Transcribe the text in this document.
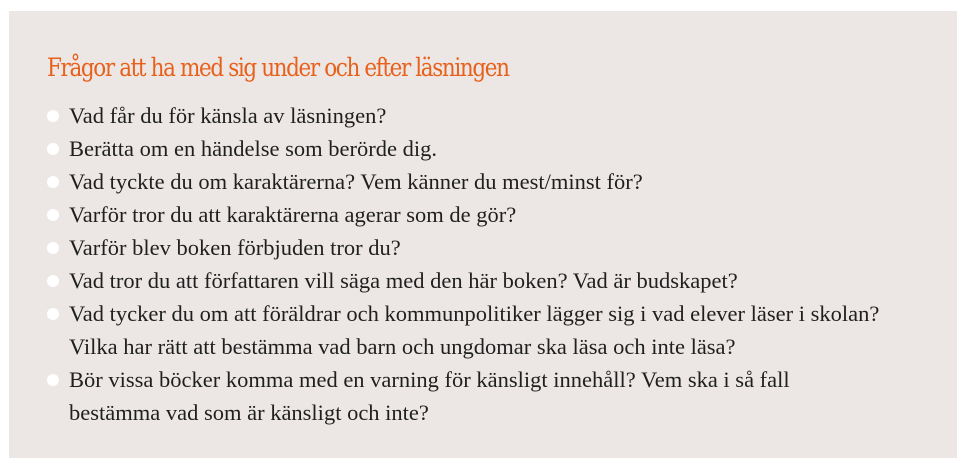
Frågor att ha med sig under och efter läsningen
Vad får du för känsla av läsningen?
Berätta om en händelse som berörde dig.
Vad tyckte du om karaktärerna? Vem känner du mest/minst för?
Varför tror du att karaktärerna agerar som de gör?
Varför blev boken förbjuden tror du?
Vad tror du att författaren vill säga med den här boken? Vad är budskapet?
Vad tycker du om att föräldrar och kommunpolitiker lägger sig i vad elever läser i skolan?
Vilka har rätt att bestämma vad barn och ungdomar ska läsa och inte läsa?
Bör vissa böcker komma med en varning för känsligt innehåll? Vem ska i så fall
bestämma vad som är känsligt och inte?
